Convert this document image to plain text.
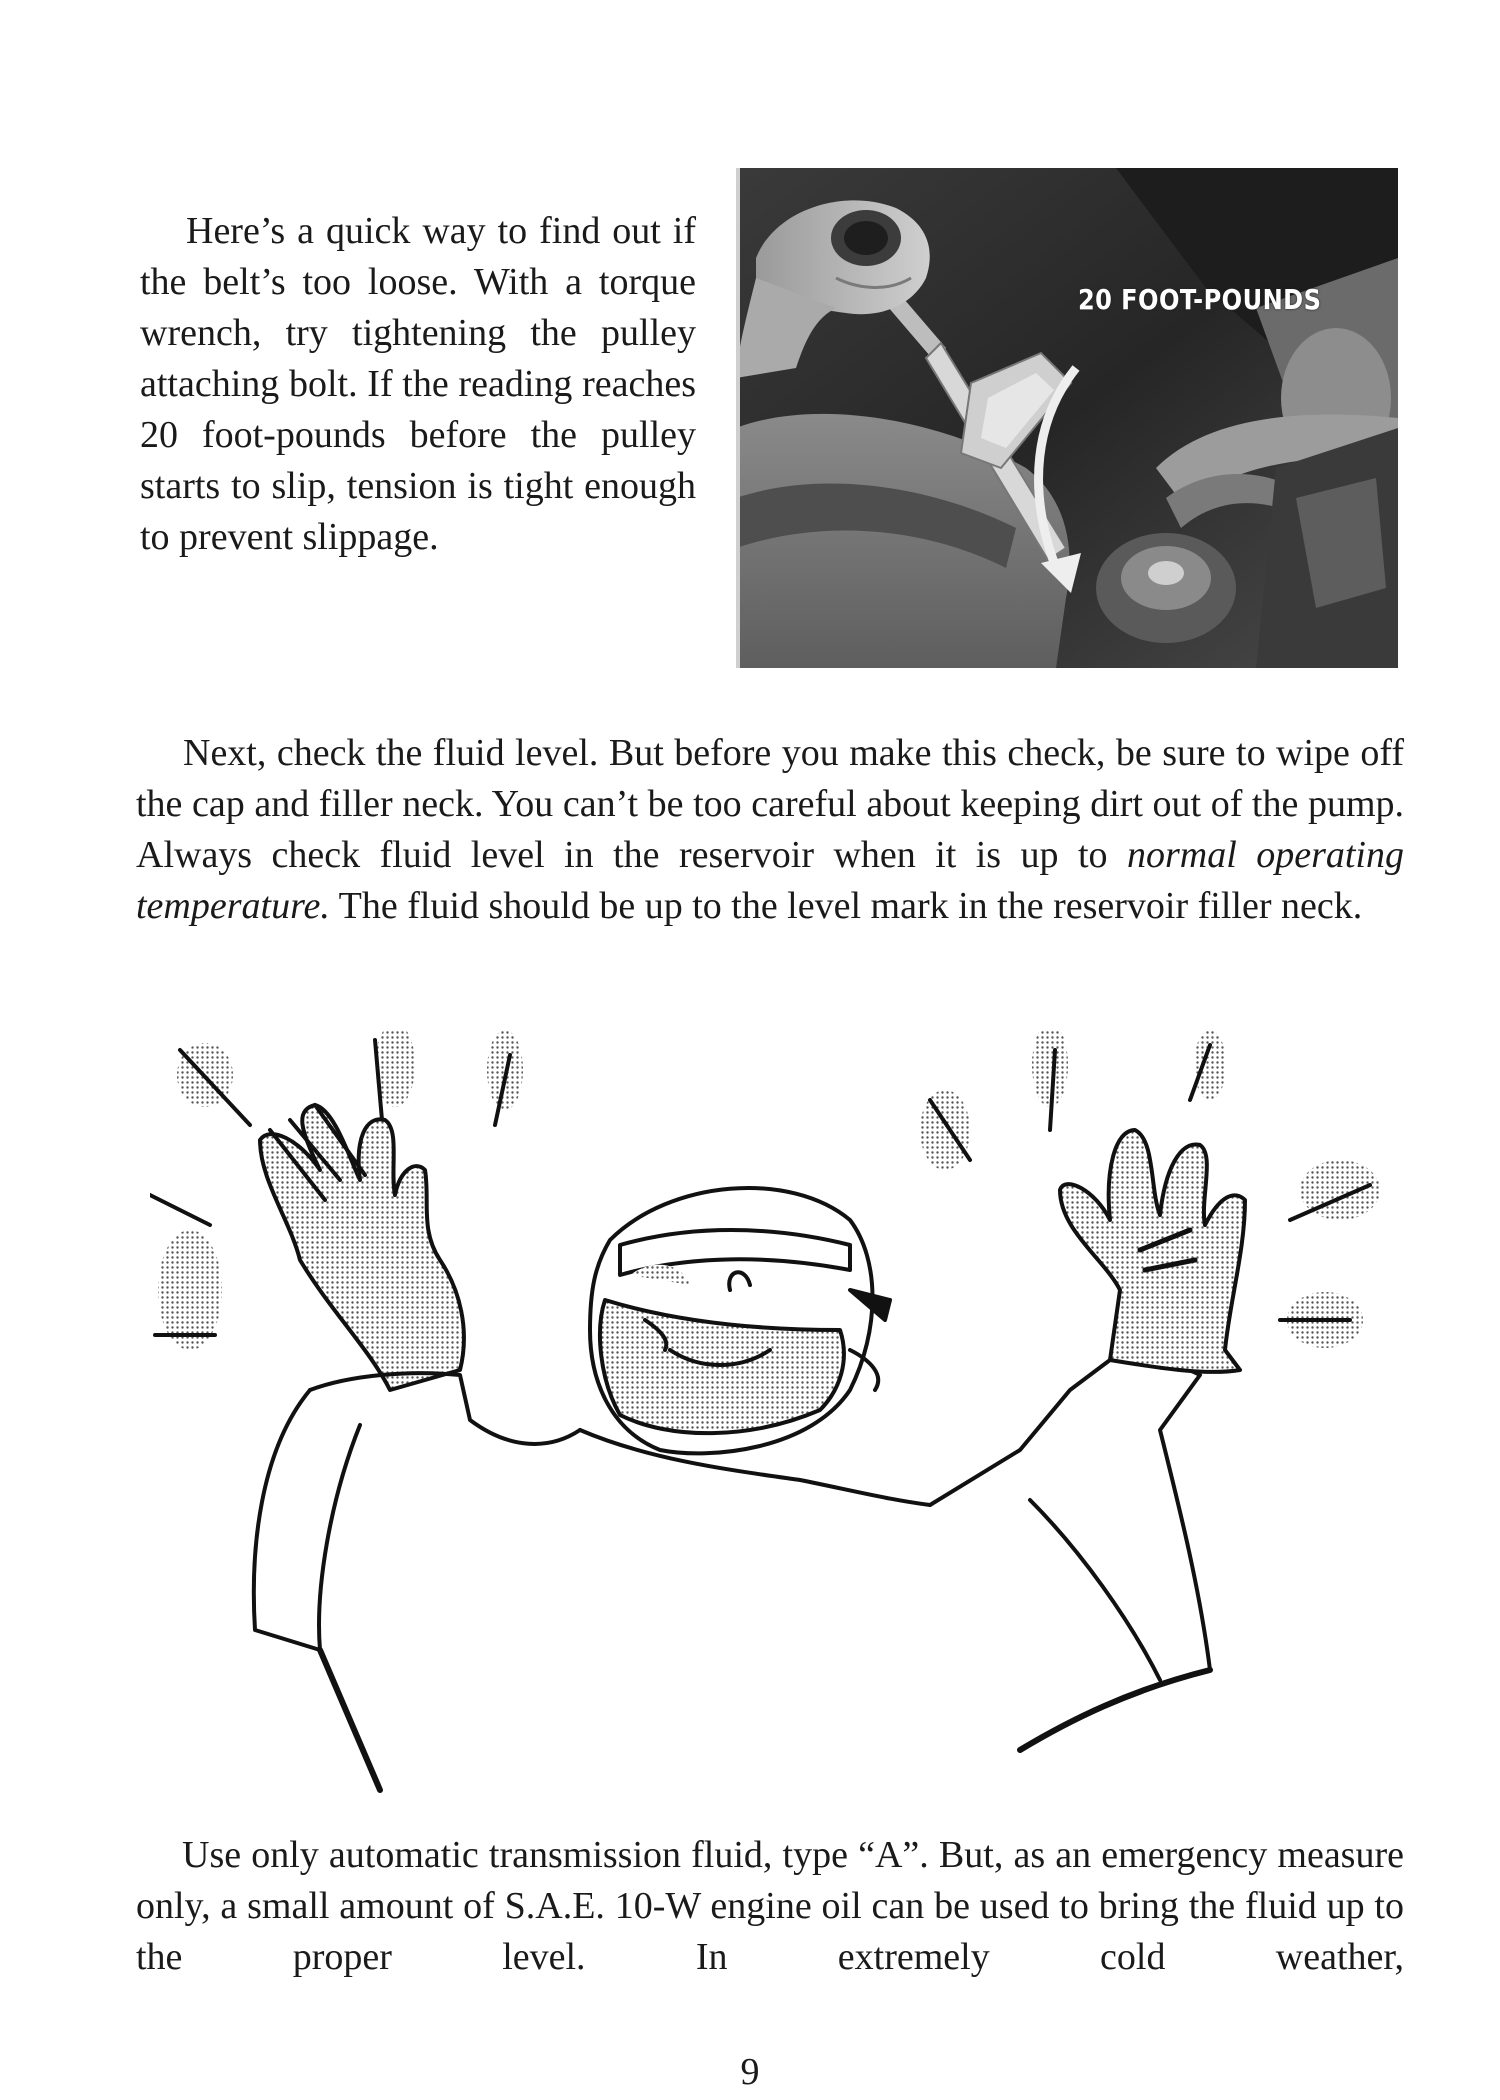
Here’s a quick way to find out if the belt’s too loose. With a torque wrench, try tightening the pulley attaching bolt. If the reading reaches 20 foot-pounds before the pulley starts to slip, tension is tight enough to prevent slippage.

20 FOOT-POUNDS

Next, check the fluid level. But before you make this check, be sure to wipe off the cap and filler neck. You can’t be too careful about keeping dirt out of the pump. Always check fluid level in the reservoir when it is up to normal operating temperature. The fluid should be up to the level mark in the reservoir filler neck.

Use only automatic transmission fluid, type “A”. But, as an emergency measure only, a small amount of S.A.E. 10-W engine oil can be used to bring the fluid up to the proper level. In extremely cold weather,

9
